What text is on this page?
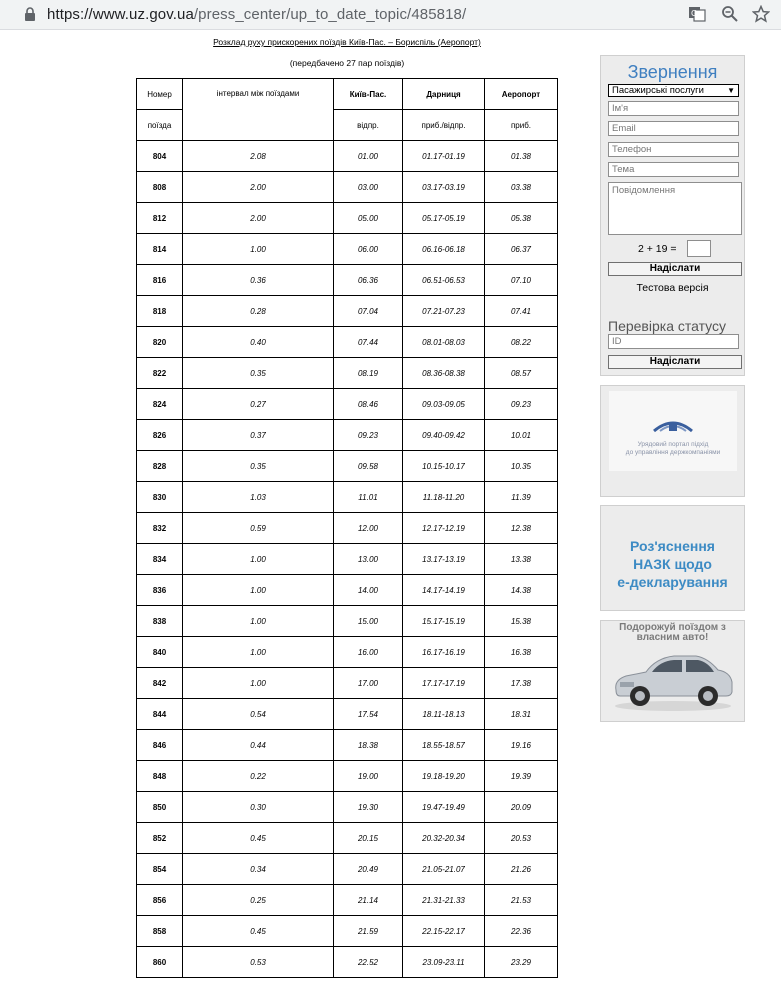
https://www.uz.gov.ua/press_center/up_to_date_topic/485818/	G
Розклад руху прискорених поїздів Київ-Пас. – Бориспіль (Аеропорт)
(передбачено 27 пар поїздів)
Номер	інтервал між поїздами	Київ-Пас.	Дарниця	Аеропорт
поїзда		відпр.	приб./відпр.	приб.
804	2.08	01.00	01.17-01.19	01.38
808	2.00	03.00	03.17-03.19	03.38
812	2.00	05.00	05.17-05.19	05.38
814	1.00	06.00	06.16-06.18	06.37
816	0.36	06.36	06.51-06.53	07.10
818	0.28	07.04	07.21-07.23	07.41
820	0.40	07.44	08.01-08.03	08.22
822	0.35	08.19	08.36-08.38	08.57
824	0.27	08.46	09.03-09.05	09.23
826	0.37	09.23	09.40-09.42	10.01
828	0.35	09.58	10.15-10.17	10.35
830	1.03	11.01	11.18-11.20	11.39
832	0.59	12.00	12.17-12.19	12.38
834	1.00	13.00	13.17-13.19	13.38
836	1.00	14.00	14.17-14.19	14.38
838	1.00	15.00	15.17-15.19	15.38
840	1.00	16.00	16.17-16.19	16.38
842	1.00	17.00	17.17-17.19	17.38
844	0.54	17.54	18.11-18.13	18.31
846	0.44	18.38	18.55-18.57	19.16
848	0.22	19.00	19.18-19.20	19.39
850	0.30	19.30	19.47-19.49	20.09
852	0.45	20.15	20.32-20.34	20.53
854	0.34	20.49	21.05-21.07	21.26
856	0.25	21.14	21.31-21.33	21.53
858	0.45	21.59	22.15-22.17	22.36
860	0.53	22.52	23.09-23.11	23.29
Звернення
Пасажирські послуги	▼
Ім'я
Email
Телефон
Тема
Повідомлення
2 + 19 =
Надіслати
Тестова версія
Перевірка статусу
ID
Надіслати
Урядовий портал підхід
до управління держкомпаніями
Роз'яснення
НАЗК щодо
е-декларування
Подорожуй поїздом з
власним авто!
